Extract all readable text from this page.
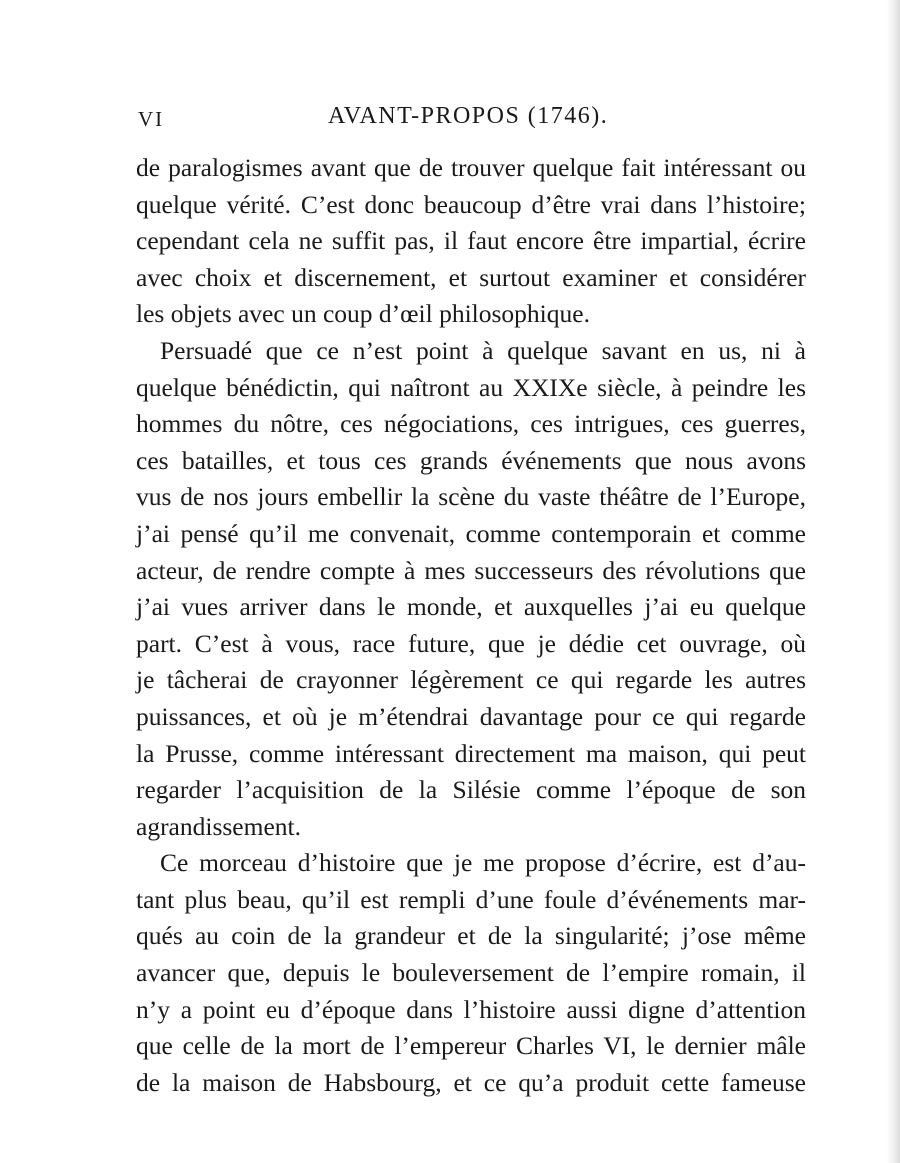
VI	AVANT-PROPOS (1746).
de paralogismes avant que de trouver quelque fait intéressant ou
quelque vérité. C’est donc beaucoup d’être vrai dans l’histoire;
cependant cela ne suffit pas, il faut encore être impartial, écrire
avec choix et discernement, et surtout examiner et considérer
les objets avec un coup d’œil philosophique.
Persuadé que ce n’est point à quelque savant en us, ni à
quelque bénédictin, qui naîtront au XXIXe siècle, à peindre les
hommes du nôtre, ces négociations, ces intrigues, ces guerres,
ces batailles, et tous ces grands événements que nous avons
vus de nos jours embellir la scène du vaste théâtre de l’Europe,
j’ai pensé qu’il me convenait, comme contemporain et comme
acteur, de rendre compte à mes successeurs des révolutions que
j’ai vues arriver dans le monde, et auxquelles j’ai eu quelque
part. C’est à vous, race future, que je dédie cet ouvrage, où
je tâcherai de crayonner légèrement ce qui regarde les autres
puissances, et où je m’étendrai davantage pour ce qui regarde
la Prusse, comme intéressant directement ma maison, qui peut
regarder l’acquisition de la Silésie comme l’époque de son
agrandissement.
Ce morceau d’histoire que je me propose d’écrire, est d’au-
tant plus beau, qu’il est rempli d’une foule d’événements mar-
qués au coin de la grandeur et de la singularité; j’ose même
avancer que, depuis le bouleversement de l’empire romain, il
n’y a point eu d’époque dans l’histoire aussi digne d’attention
que celle de la mort de l’empereur Charles VI, le dernier mâle
de la maison de Habsbourg, et ce qu’a produit cette fameuse
